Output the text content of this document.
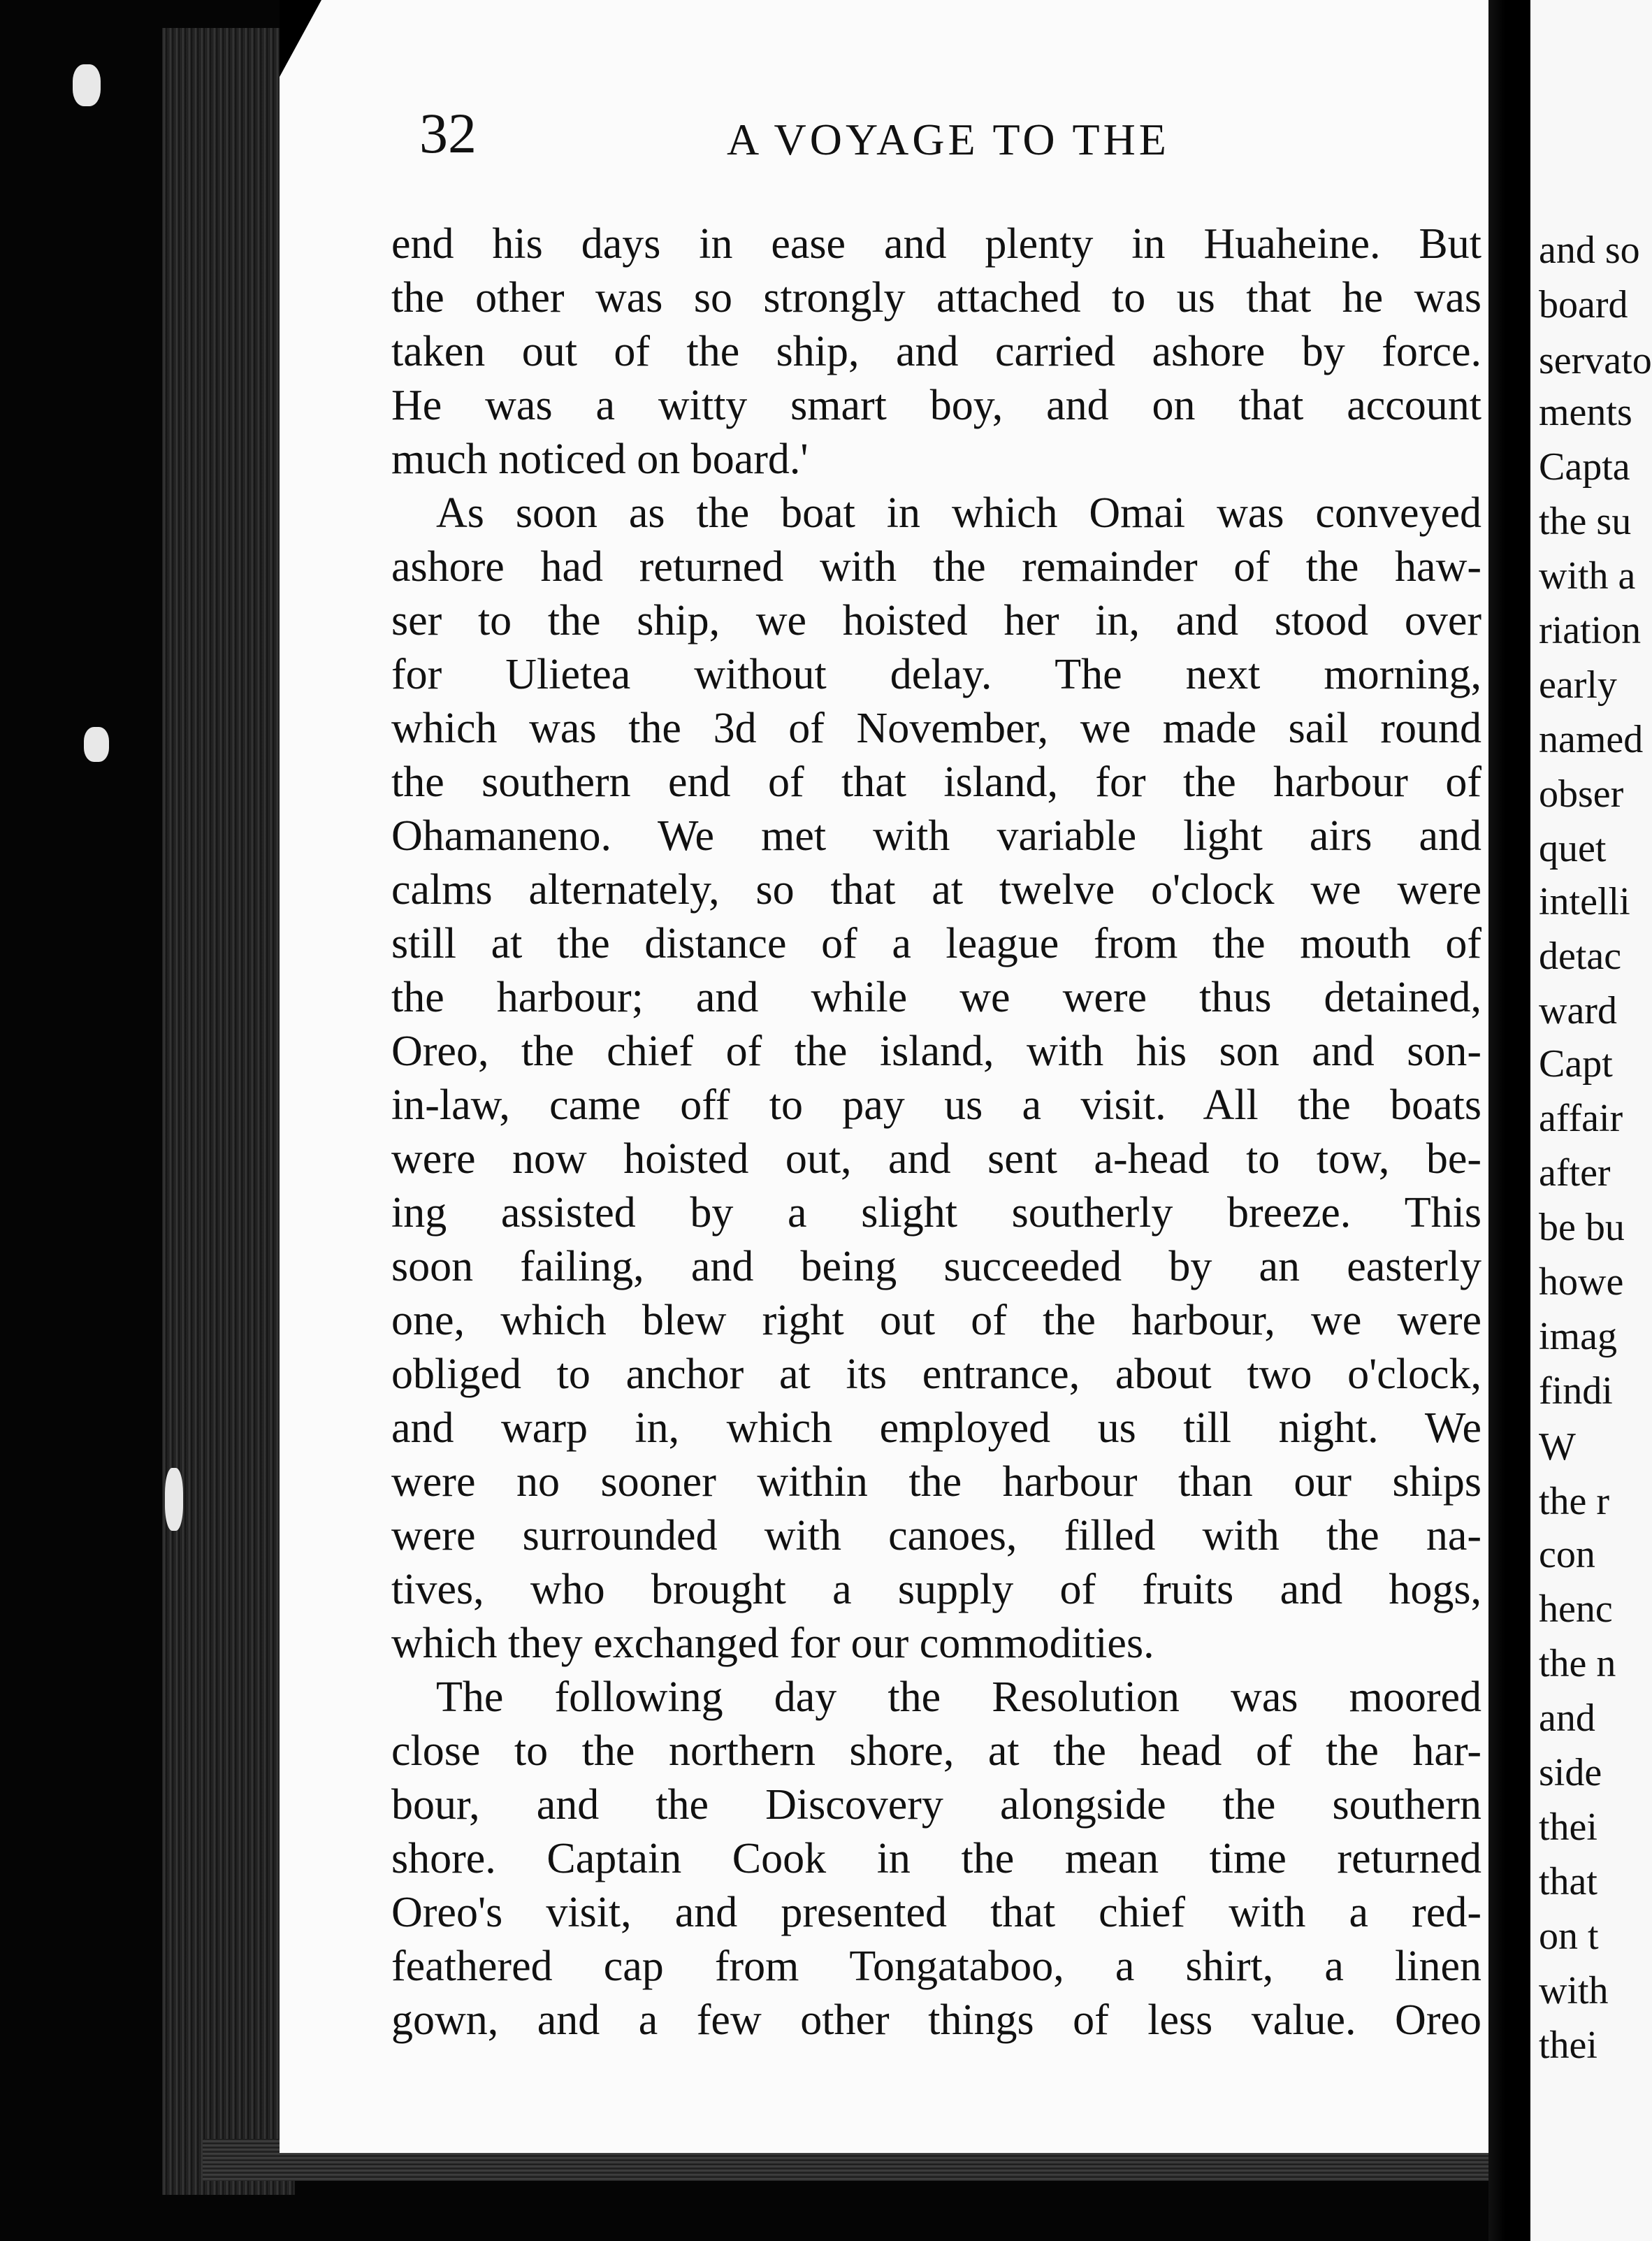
32	A VOYAGE TO THE
end his days in ease and plenty in Huaheine. But
the other was so strongly attached to us that he was
taken out of the ship, and carried ashore by force.
He was a witty smart boy, and on that account
much noticed on board.'
As soon as the boat in which Omai was conveyed
ashore had returned with the remainder of the haw-
ser to the ship, we hoisted her in, and stood over
for Ulietea without delay. The next morning,
which was the 3d of November, we made sail round
the southern end of that island, for the harbour of
Ohamaneno. We met with variable light airs and
calms alternately, so that at twelve o'clock we were
still at the distance of a league from the mouth of
the harbour; and while we were thus detained,
Oreo, the chief of the island, with his son and son-
in-law, came off to pay us a visit. All the boats
were now hoisted out, and sent a-head to tow, be-
ing assisted by a slight southerly breeze. This
soon failing, and being succeeded by an easterly
one, which blew right out of the harbour, we were
obliged to anchor at its entrance, about two o'clock,
and warp in, which employed us till night. We
were no sooner within the harbour than our ships
were surrounded with canoes, filled with the na-
tives, who brought a supply of fruits and hogs,
which they exchanged for our commodities.
The following day the Resolution was moored
close to the northern shore, at the head of the har-
bour, and the Discovery alongside the southern
shore. Captain Cook in the mean time returned
Oreo's visit, and presented that chief with a red-
feathered cap from Tongataboo, a shirt, a linen
gown, and a few other things of less value. Oreo
and so
board
servato
ments
Capta
the su
with a
riation
early
named
obser
quet
intelli
detac
ward
Capt
affair
after
be bu
howe
imag
findi
W
the r
con
henc
the n
and
side
thei
that
on t
with
thei
